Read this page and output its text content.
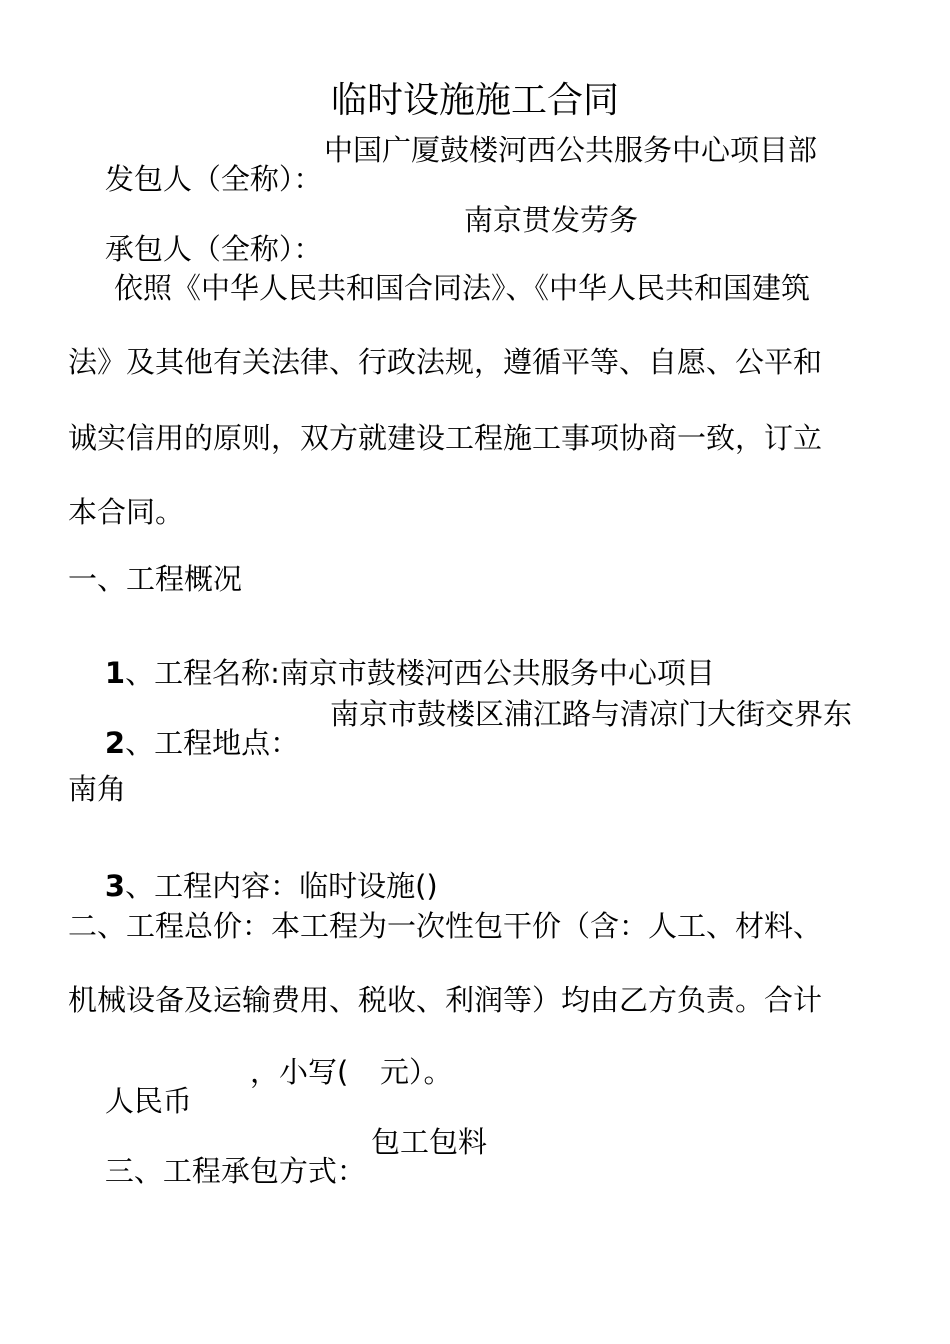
临时设施施工合同

发包人（全称）：

中国广厦鼓楼河西公共服务中心项目部

承包人（全称）：

南京贯发劳务

依照《中华人民共和国合同法》、《中华人民共和国建筑
法》及其他有关法律、行政法规，遵循平等、自愿、公平和
诚实信用的原则，双方就建设工程施工事项协商一致，订立
本合同。
一、工程概况

1、工程名称:南京市鼓楼河西公共服务中心项目

2、工程地点：

南京市鼓楼区浦江路与清凉门大街交界东

南角

3、工程内容：临时设施()

二、工程总价：本工程为一次性包干价（含：人工、材料、
机械设备及运输费用、税收、利润等）均由乙方负责。合计

人民币

，小写(

元）。

三、工程承包方式：

包工包料
